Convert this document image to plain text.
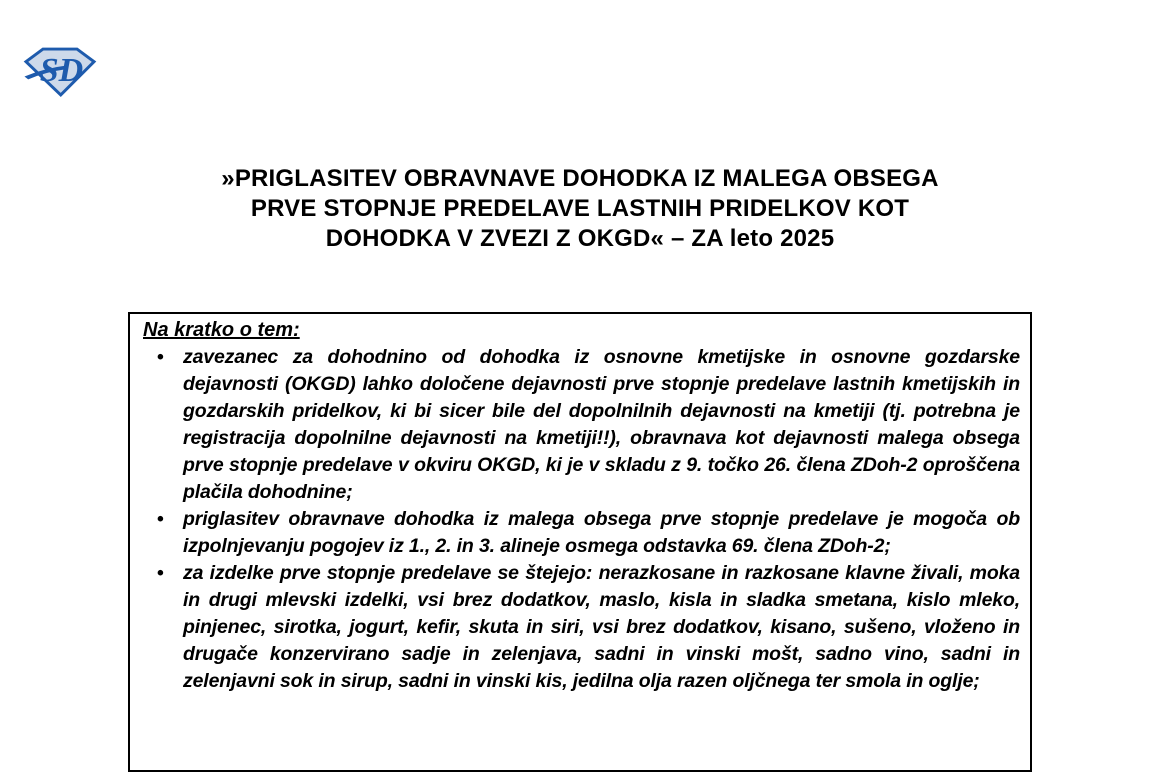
SD
»PRIGLASITEV OBRAVNAVE DOHODKA IZ MALEGA OBSEGA
PRVE STOPNJE PREDELAVE LASTNIH PRIDELKOV KOT
DOHODKA V ZVEZI Z OKGD« – ZA leto 2025
Na kratko o tem:
• zavezanec za dohodnino od dohodka iz osnovne kmetijske in osnovne gozdarske dejavnosti (OKGD) lahko določene dejavnosti prve stopnje predelave lastnih kmetijskih in gozdarskih pridelkov, ki bi sicer bile del dopolnilnih dejavnosti na kmetiji (tj. potrebna je registracija dopolnilne dejavnosti na kmetiji!!), obravnava kot dejavnosti malega obsega prve stopnje predelave v okviru OKGD, ki je v skladu z 9. točko 26. člena ZDoh-2 oproščena plačila dohodnine;
• priglasitev obravnave dohodka iz malega obsega prve stopnje predelave je mogoča ob izpolnjevanju pogojev iz 1., 2. in 3. alineje osmega odstavka 69. člena ZDoh-2;
• za izdelke prve stopnje predelave se štejejo: nerazkosane in razkosane klavne živali, moka in drugi mlevski izdelki, vsi brez dodatkov, maslo, kisla in sladka smetana, kislo mleko, pinjenec, sirotka, jogurt, kefir, skuta in siri, vsi brez dodatkov, kisano, sušeno, vloženo in drugače konzervirano sadje in zelenjava, sadni in vinski mošt, sadno vino, sadni in zelenjavni sok in sirup, sadni in vinski kis, jedilna olja razen oljčnega ter smola in oglje;
